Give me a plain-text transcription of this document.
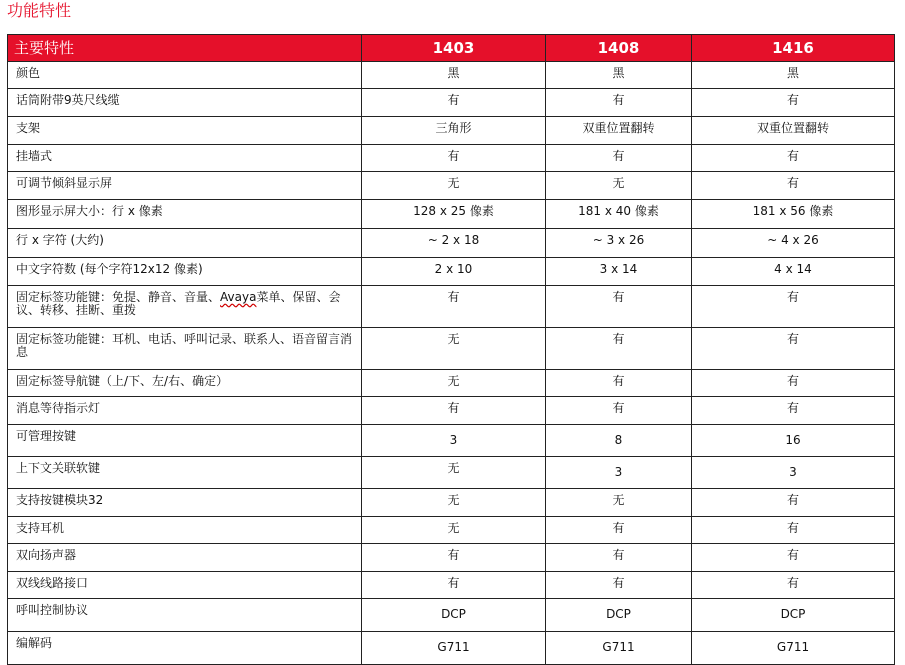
功能特性
主要特性	1403	1408	1416
颜色	黑	黑	黑
话筒附带9英尺线缆	有	有	有
支架	三角形	双重位置翻转	双重位置翻转
挂墙式	有	有	有
可调节倾斜显示屏	无	无	有
图形显示屏大小：行 x 像素	128 x 25 像素	181 x 40 像素	181 x 56 像素
行 x 字符 (大约)	~ 2 x 18	~ 3 x 26	~ 4 x 26
中文字符数 (每个字符12x12 像素)	2 x 10	3 x 14	4 x 14
固定标签功能键：免提、静音、音量、Avaya菜单、保留、会议、转移、挂断、重拨	有	有	有
固定标签功能键：耳机、电话、呼叫记录、联系人、语音留言消息	无	有	有
固定标签导航键（上/下、左/右、确定）	无	有	有
消息等待指示灯	有	有	有
可管理按键	3	8	16
上下文关联软键	无	3	3
支持按键模块32	无	无	有
支持耳机	无	有	有
双向扬声器	有	有	有
双线线路接口	有	有	有
呼叫控制协议	DCP	DCP	DCP
编解码	G711	G711	G711
